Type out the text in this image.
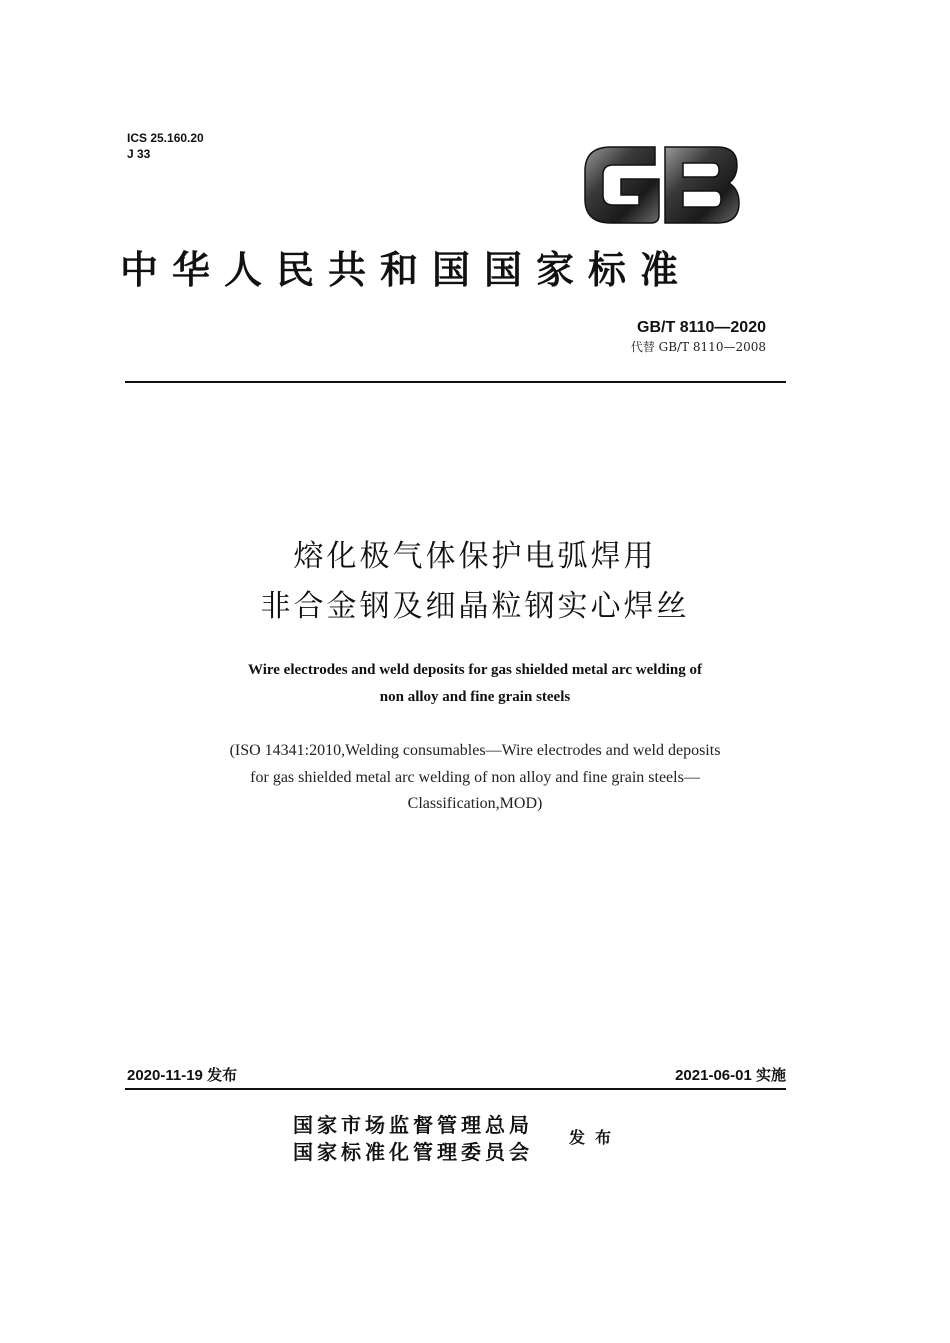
ICS 25.160.20
J 33
中华人民共和国国家标准
GB/T 8110—2020
代替 GB/T 8110—2008
熔化极气体保护电弧焊用
非合金钢及细晶粒钢实心焊丝
Wire electrodes and weld deposits for gas shielded metal arc welding of
non alloy and fine grain steels
(ISO 14341:2010,Welding consumables—Wire electrodes and weld deposits
for gas shielded metal arc welding of non alloy and fine grain steels—
Classification,MOD)
2020-11-19 发布	2021-06-01 实施
国家市场监督管理总局
国家标准化管理委员会
发布
